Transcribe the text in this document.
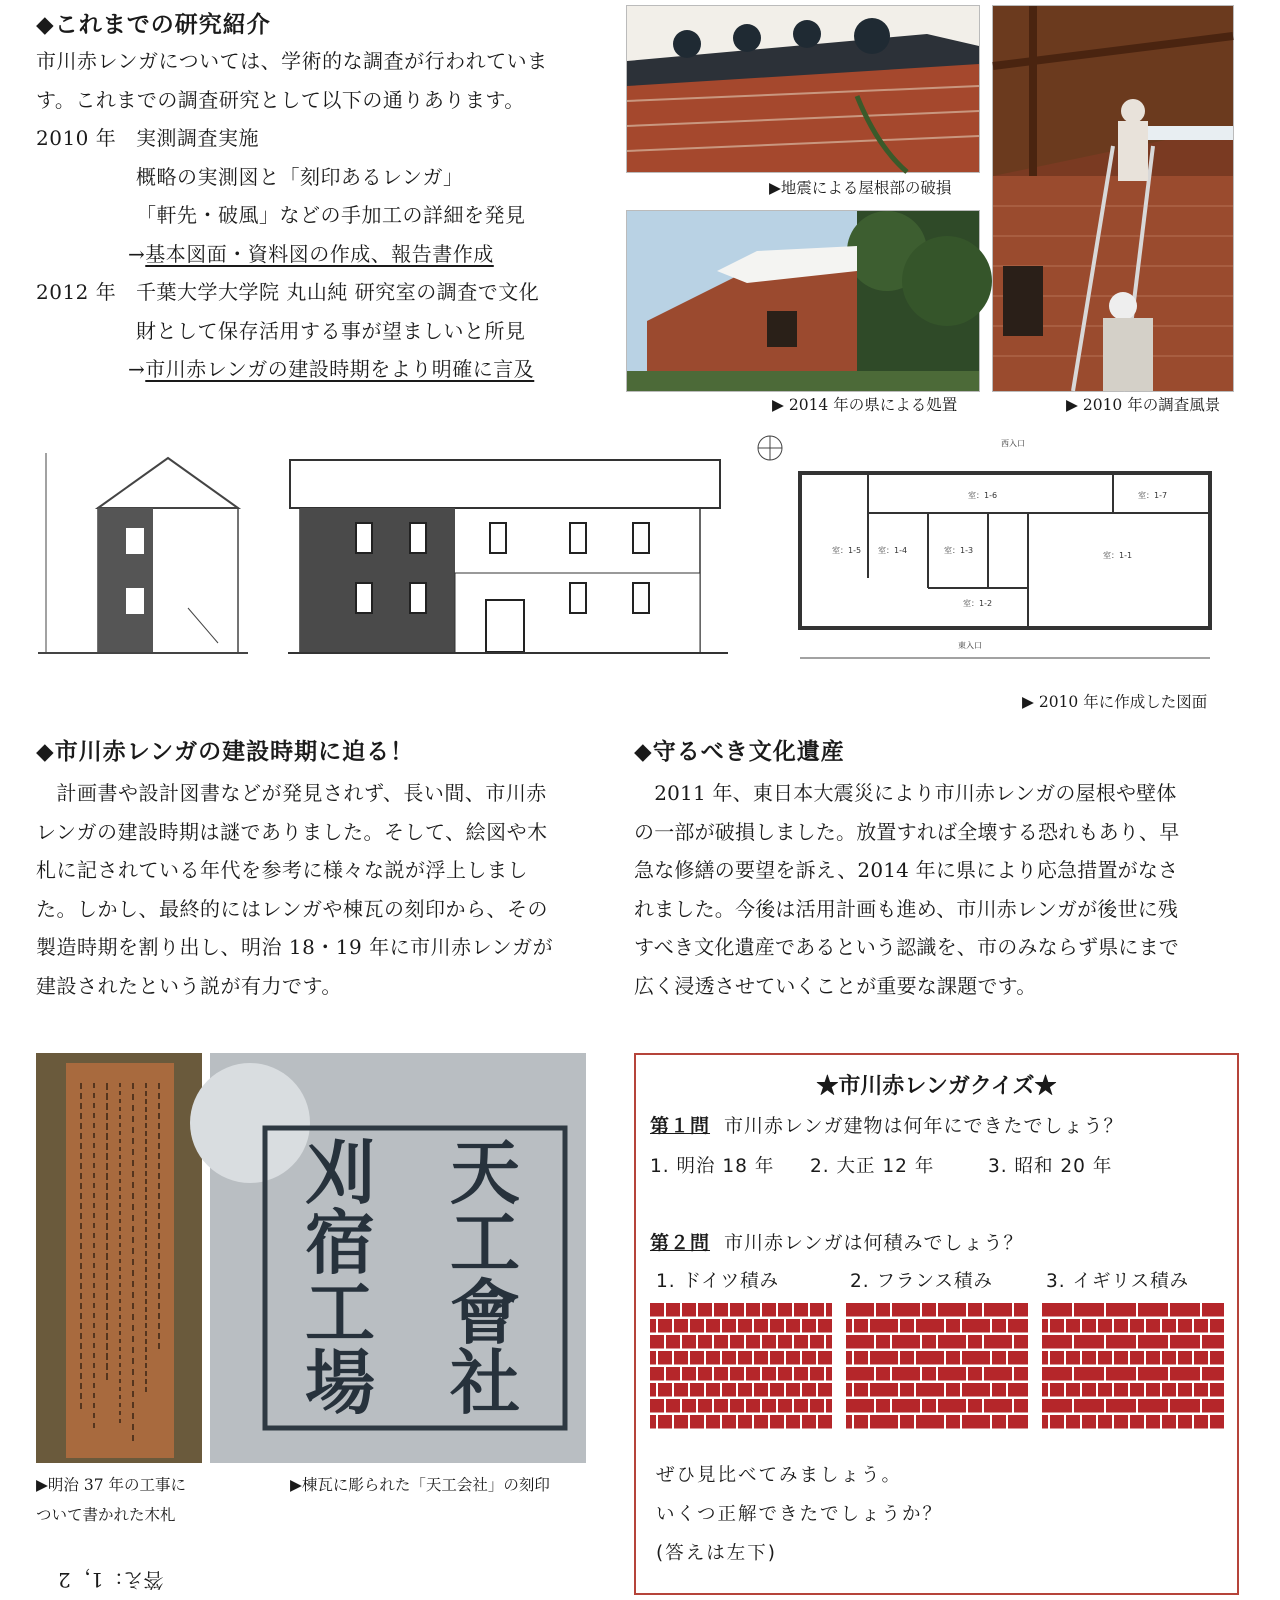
◆これまでの研究紹介
市川赤レンガについては、学術的な調査が行われていま
す。これまでの調査研究として以下の通りあります。
2010 年 実測調査実施
概略の実測図と「刻印あるレンガ」
「軒先・破風」などの手加工の詳細を発見
→基本図面・資料図の作成、報告書作成
2012 年 千葉大学大学院 丸山純 研究室の調査で文化
財として保存活用する事が望ましいと所見
→市川赤レンガの建設時期をより明確に言及
▶地震による屋根部の破損
▶ 2014 年の県による処置	▶ 2010 年の調査風景
西入口
室：1-6	室：1-7
室：1-5 室：1-4	室：1-3
室：1-1
室：1-2
東入口
▶ 2010 年に作成した図面
◆市川赤レンガの建設時期に迫る！
　計画書や設計図書などが発見されず、長い間、市川赤
レンガの建設時期は謎でありました。そして、絵図や木
札に記されている年代を参考に様々な説が浮上しまし
た。しかし、最終的にはレンガや棟瓦の刻印から、その
製造時期を割り出し、明治 18・19 年に市川赤レンガが
建設されたという説が有力です。
◆守るべき文化遺産
　2011 年、東日本大震災により市川赤レンガの屋根や壁体
の一部が破損しました。放置すれば全壊する恐れもあり、早
急な修繕の要望を訴え、2014 年に県により応急措置がなさ
れました。今後は活用計画も進め、市川赤レンガが後世に残
すべき文化遺産であるという認識を、市のみならず県にまで
広く浸透させていくことが重要な課題です。
天
工
會
社
刈
宿
工
場
▶明治 37 年の工事に
ついて書かれた木札
▶棟瓦に彫られた「天工会社」の刻印
答え：1，2
★市川赤レンガクイズ★
第１問 市川赤レンガ建物は何年にできたでしょう？
1. 明治 18 年 2. 大正 12 年	3. 昭和 20 年
第２問 市川赤レンガは何積みでしょう？
1. ドイツ積み	2. フランス積み	3. イギリス積み
ぜひ見比べてみましょう。
いくつ正解できたでしょうか？
(答えは左下)
